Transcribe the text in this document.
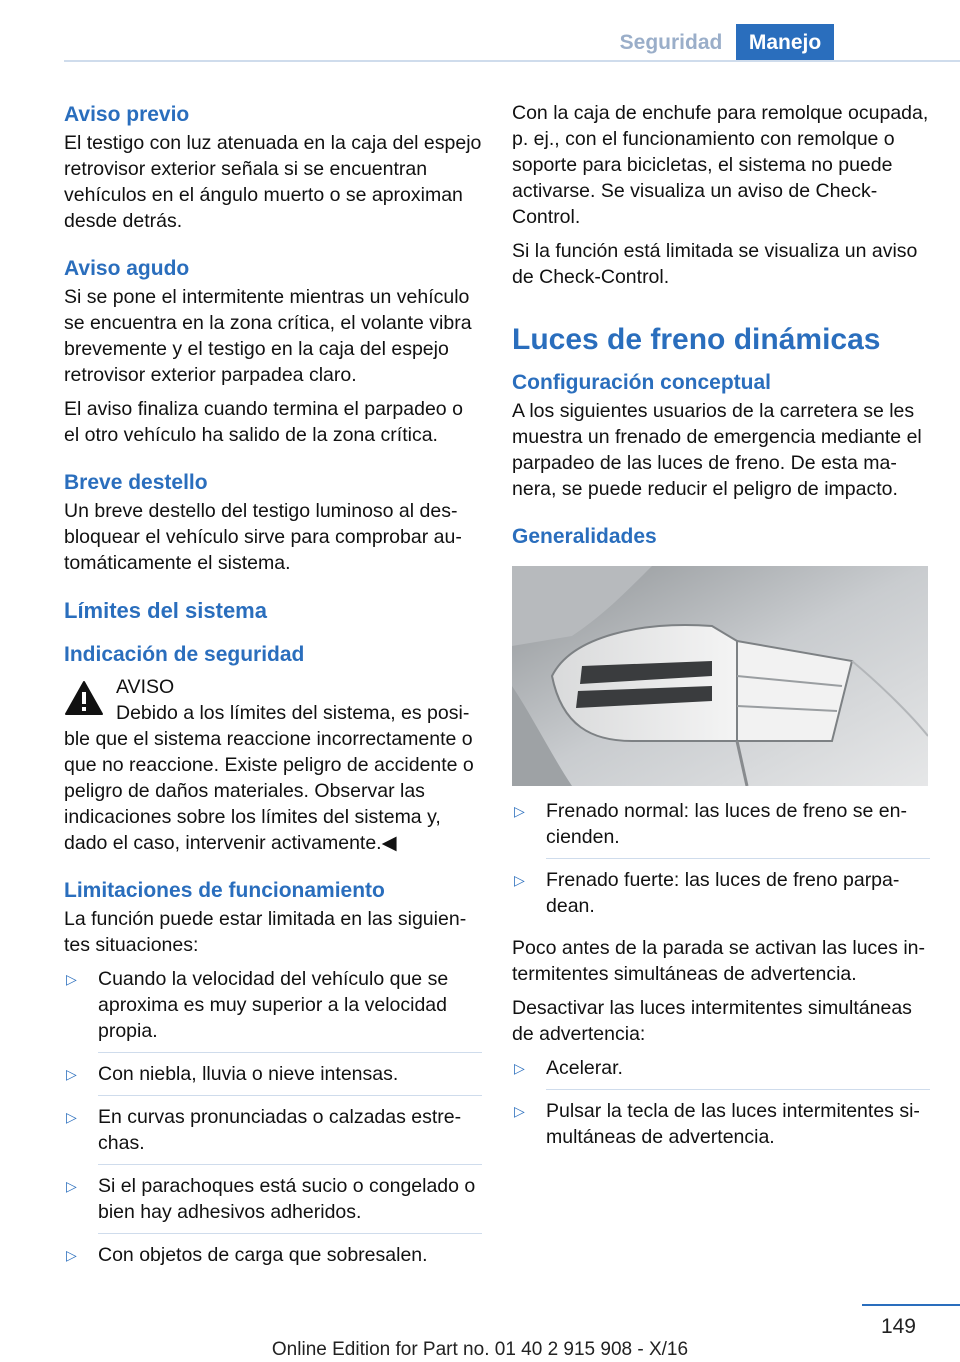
Seguridad	Manejo
Aviso previo
El testigo con luz atenuada en la caja del espejo retrovisor exterior señala si se encuentran vehículos en el ángulo muerto o se aproximan desde detrás.
Aviso agudo
Si se pone el intermitente mientras un vehículo se encuentra en la zona crítica, el volante vibra brevemente y el testigo en la caja del espejo retrovisor exterior parpadea claro.
El aviso finaliza cuando termina el parpadeo o el otro vehículo ha salido de la zona crítica.
Breve destello
Un breve destello del testigo luminoso al desbloquear el vehículo sirve para comprobar automáticamente el sistema.
Límites del sistema
Indicación de seguridad
AVISO
Debido a los límites del sistema, es posible que el sistema reaccione incorrectamente o que no reaccione. Existe peligro de accidente o peligro de daños materiales. Observar las indicaciones sobre los límites del sistema y, dado el caso, intervenir activamente.◀
Limitaciones de funcionamiento
La función puede estar limitada en las siguientes situaciones:
▷ Cuando la velocidad del vehículo que se aproxima es muy superior a la velocidad propia.
▷ Con niebla, lluvia o nieve intensas.
▷ En curvas pronunciadas o calzadas estrechas.
▷ Si el parachoques está sucio o congelado o bien hay adhesivos adheridos.
▷ Con objetos de carga que sobresalen.
Con la caja de enchufe para remolque ocupada, p. ej., con el funcionamiento con remolque o soporte para bicicletas, el sistema no puede activarse. Se visualiza un aviso de Check-Control.
Si la función está limitada se visualiza un aviso de Check-Control.
Luces de freno dinámicas
Configuración conceptual
A los siguientes usuarios de la carretera se les muestra un frenado de emergencia mediante el parpadeo de las luces de freno. De esta manera, se puede reducir el peligro de impacto.
Generalidades
▷ Frenado normal: las luces de freno se encienden.
▷ Frenado fuerte: las luces de freno parpadean.
Poco antes de la parada se activan las luces intermitentes simultáneas de advertencia.
Desactivar las luces intermitentes simultáneas de advertencia:
▷ Acelerar.
▷ Pulsar la tecla de las luces intermitentes simultáneas de advertencia.
149
Online Edition for Part no. 01 40 2 915 908 - X/16
